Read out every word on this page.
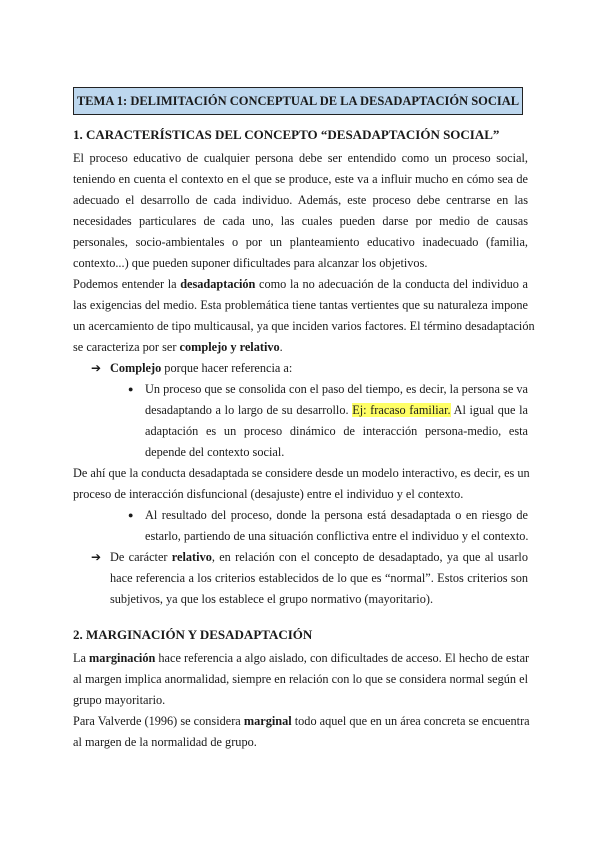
TEMA 1: DELIMITACIÓN CONCEPTUAL DE LA DESADAPTACIÓN SOCIAL
1. CARACTERÍSTICAS DEL CONCEPTO “DESADAPTACIÓN SOCIAL”
El proceso educativo de cualquier persona debe ser entendido como un proceso social,
teniendo en cuenta el contexto en el que se produce, este va a influir mucho en cómo sea de
adecuado el desarrollo de cada individuo. Además, este proceso debe centrarse en las
necesidades particulares de cada uno, las cuales pueden darse por medio de causas
personales, socio-ambientales o por un planteamiento educativo inadecuado (familia,
contexto...) que pueden suponer dificultades para alcanzar los objetivos.
Podemos entender la desadaptación como la no adecuación de la conducta del individuo a
las exigencias del medio. Esta problemática tiene tantas vertientes que su naturaleza impone
un acercamiento de tipo multicausal, ya que inciden varios factores. El término desadaptación
se caracteriza por ser complejo y relativo.
➔ Complejo porque hacer referencia a:
● Un proceso que se consolida con el paso del tiempo, es decir, la persona se va
desadaptando a lo largo de su desarrollo. Ej: fracaso familiar. Al igual que la
adaptación es un proceso dinámico de interacción persona-medio, esta
depende del contexto social.
De ahí que la conducta desadaptada se considere desde un modelo interactivo, es decir, es un
proceso de interacción disfuncional (desajuste) entre el individuo y el contexto.
● Al resultado del proceso, donde la persona está desadaptada o en riesgo de
estarlo, partiendo de una situación conflictiva entre el individuo y el contexto.
➔ De carácter relativo, en relación con el concepto de desadaptado, ya que al usarlo
hace referencia a los criterios establecidos de lo que es “normal”. Estos criterios son
subjetivos, ya que los establece el grupo normativo (mayoritario).
2. MARGINACIÓN Y DESADAPTACIÓN
La marginación hace referencia a algo aislado, con dificultades de acceso. El hecho de estar
al margen implica anormalidad, siempre en relación con lo que se considera normal según el
grupo mayoritario.
Para Valverde (1996) se considera marginal todo aquel que en un área concreta se encuentra
al margen de la normalidad de grupo.
